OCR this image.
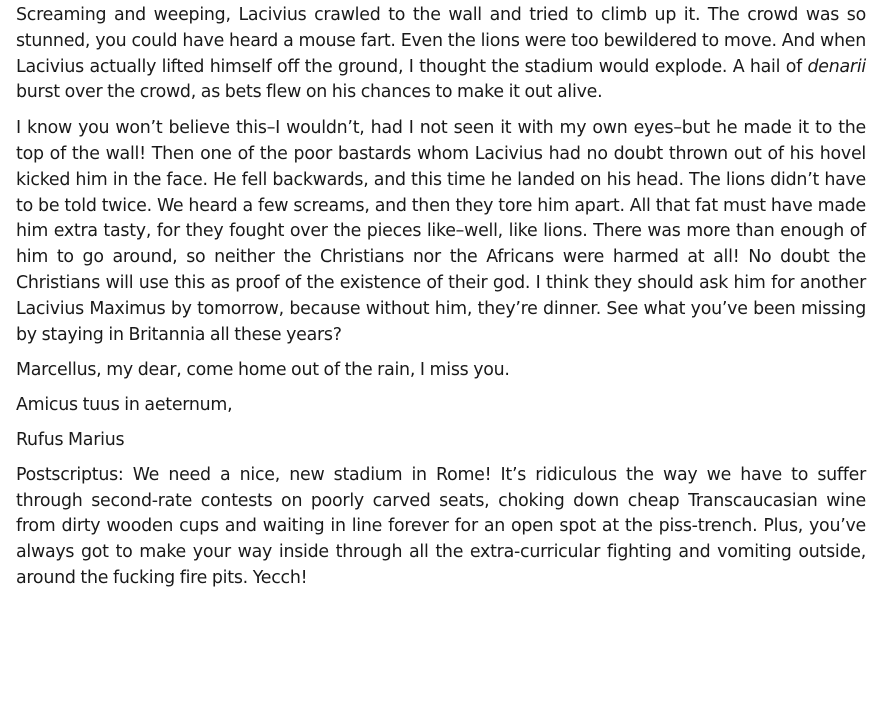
Screaming and weeping, Lacivius crawled to the wall and tried to climb up it. The crowd was so stunned, you could have heard a mouse fart. Even the lions were too bewildered to move. And when Lacivius actually lifted himself off the ground, I thought the stadium would explode. A hail of denarii burst over the crowd, as bets flew on his chances to make it out alive.

I know you won’t believe this–I wouldn’t, had I not seen it with my own eyes–but he made it to the top of the wall! Then one of the poor bastards whom Lacivius had no doubt thrown out of his hovel kicked him in the face. He fell backwards, and this time he landed on his head. The lions didn’t have to be told twice. We heard a few screams, and then they tore him apart. All that fat must have made him extra tasty, for they fought over the pieces like–well, like lions. There was more than enough of him to go around, so neither the Christians nor the Africans were harmed at all! No doubt the Christians will use this as proof of the existence of their god. I think they should ask him for another Lacivius Maximus by tomorrow, because without him, they’re dinner. See what you’ve been missing by staying in Britannia all these years?

Marcellus, my dear, come home out of the rain, I miss you.

Amicus tuus in aeternum,

Rufus Marius

Postscriptus: We need a nice, new stadium in Rome! It’s ridiculous the way we have to suffer through second-rate contests on poorly carved seats, choking down cheap Transcaucasian wine from dirty wooden cups and waiting in line forever for an open spot at the piss-trench. Plus, you’ve always got to make your way inside through all the extra-curricular fighting and vomiting outside, around the fucking fire pits. Yecch!
